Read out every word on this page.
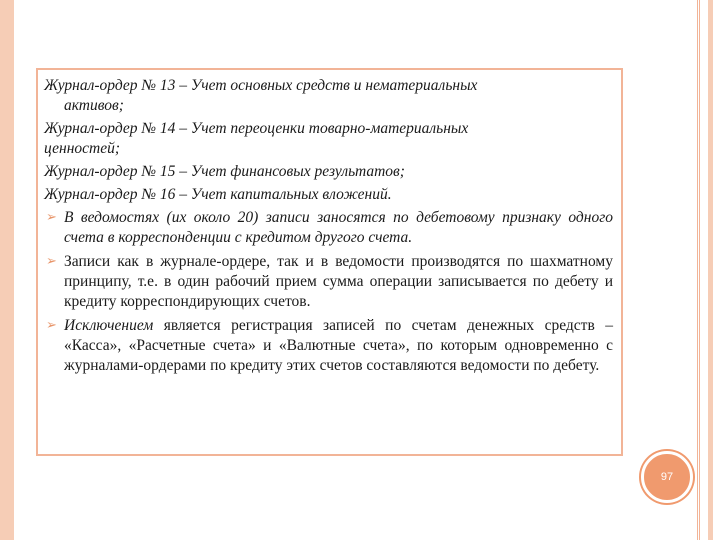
Журнал-ордер № 13 – Учет основных средств и нематериальных
активов;
Журнал-ордер № 14 – Учет переоценки товарно-материальных
ценностей;
Журнал-ордер № 15 – Учет финансовых результатов;
Журнал-ордер № 16 – Учет капитальных вложений.
➢ В ведомостях (их около 20) записи заносятся по дебетовому признаку одного счета в корреспонденции с кредитом другого счета.
➢ Записи как в журнале-ордере, так и в ведомости производятся по шахматному принципу, т.е. в один рабочий прием сумма операции записывается по дебету и кредиту корреспондирующих счетов.
➢ Исключением является регистрация записей по счетам денежных средств – «Касса», «Расчетные счета» и «Валютные счета», по которым одновременно с журналами-ордерами по кредиту этих счетов составляются ведомости по дебету.
97
